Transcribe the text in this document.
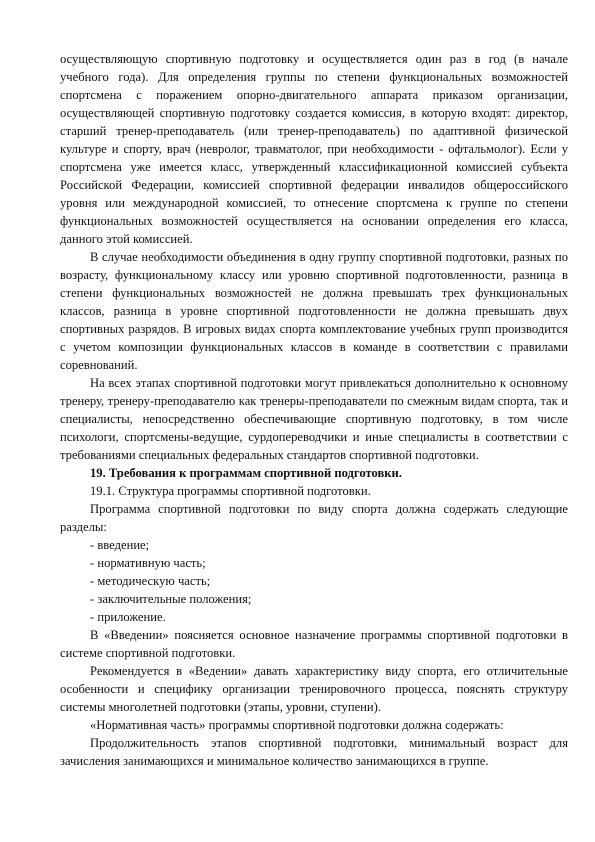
осуществляющую спортивную подготовку и осуществляется один раз в год (в начале учебного года). Для определения группы по степени функциональных возможностей спортсмена с поражением опорно-двигательного аппарата приказом организации, осуществляющей спортивную подготовку создается комиссия, в которую входят: директор, старший тренер-преподаватель (или тренер-преподаватель) по адаптивной физической культуре и спорту, врач (невролог, травматолог, при необходимости - офтальмолог). Если у спортсмена уже имеется класс, утвержденный классификационной комиссией субъекта Российской Федерации, комиссией спортивной федерации инвалидов общероссийского уровня или международной комиссией, то отнесение спортсмена к группе по степени функциональных возможностей осуществляется на основании определения его класса, данного этой комиссией.

В случае необходимости объединения в одну группу спортивной подготовки, разных по возрасту, функциональному классу или уровню спортивной подготовленности, разница в степени функциональных возможностей не должна превышать трех функциональных классов, разница в уровне спортивной подготовленности не должна превышать двух спортивных разрядов. В игровых видах спорта комплектование учебных групп производится с учетом композиции функциональных классов в команде в соответствии с правилами соревнований.

На всех этапах спортивной подготовки могут привлекаться дополнительно к основному тренеру, тренеру-преподавателю как тренеры-преподаватели по смежным видам спорта, так и специалисты, непосредственно обеспечивающие спортивную подготовку, в том числе психологи, спортсмены-ведущие, сурдопереводчики и иные специалисты в соответствии с требованиями специальных федеральных стандартов спортивной подготовки.

19. Требования к программам спортивной подготовки.

19.1. Структура программы спортивной подготовки.

Программа спортивной подготовки по виду спорта должна содержать следующие разделы:

- введение;

- нормативную часть;

- методическую часть;

- заключительные положения;

- приложение.

В «Введении» поясняется основное назначение программы спортивной подготовки в системе спортивной подготовки.

Рекомендуется в «Ведении» давать характеристику виду спорта, его отличительные особенности и специфику организации тренировочного процесса, пояснять структуру системы многолетней подготовки (этапы, уровни, ступени).

«Нормативная часть» программы спортивной подготовки должна содержать:

Продолжительность этапов спортивной подготовки, минимальный возраст для зачисления занимающихся и минимальное количество занимающихся в группе.
